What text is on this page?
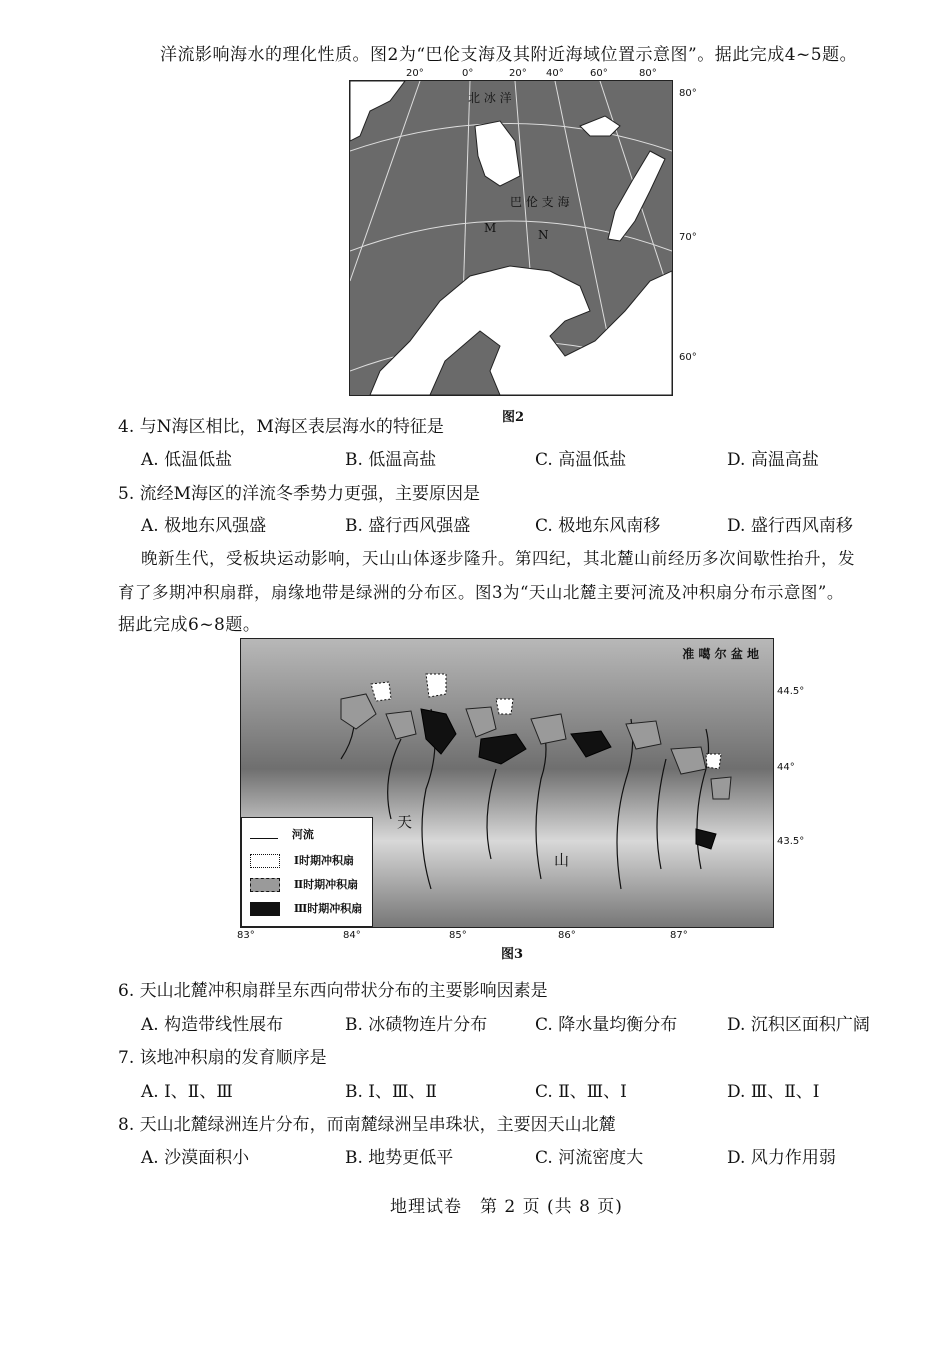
洋流影响海水的理化性质。图2为“巴伦支海及其附近海域位置示意图”。据此完成4~5题。
20°	0°	20° 40°	60°	80°
北 冰 洋
巴 伦 支 海
M	N
80°
70°
60°
图2
4. 与N海区相比，M海区表层海水的特征是
A. 低温低盐	B. 低温高盐	C. 高温低盐	D. 高温高盐
5. 流经M海区的洋流冬季势力更强，主要原因是
A. 极地东风强盛	B. 盛行西风强盛	C. 极地东风南移	D. 盛行西风南移
晚新生代，受板块运动影响，天山山体逐步隆升。第四纪，其北麓山前经历多次间歇性抬升，发
育了多期冲积扇群，扇缘地带是绿洲的分布区。图3为“天山北麓主要河流及冲积扇分布示意图”。
据此完成6~8题。
准 噶 尔 盆 地
天
山
河流
Ⅰ时期冲积扇
Ⅱ时期冲积扇
Ⅲ时期冲积扇
44.5°
44°
43.5°
83°	84°	85°	86°	87°
图3
6. 天山北麓冲积扇群呈东西向带状分布的主要影响因素是
A. 构造带线性展布	B. 冰碛物连片分布	C. 降水量均衡分布	D. 沉积区面积广阔
7. 该地冲积扇的发育顺序是
A. Ⅰ、Ⅱ、Ⅲ	B. Ⅰ、Ⅲ、Ⅱ	C. Ⅱ、Ⅲ、Ⅰ	D. Ⅲ、Ⅱ、Ⅰ
8. 天山北麓绿洲连片分布，而南麓绿洲呈串珠状，主要因天山北麓
A. 沙漠面积小	B. 地势更低平	C. 河流密度大	D. 风力作用弱
地理试卷　第 2 页 (共 8 页)
